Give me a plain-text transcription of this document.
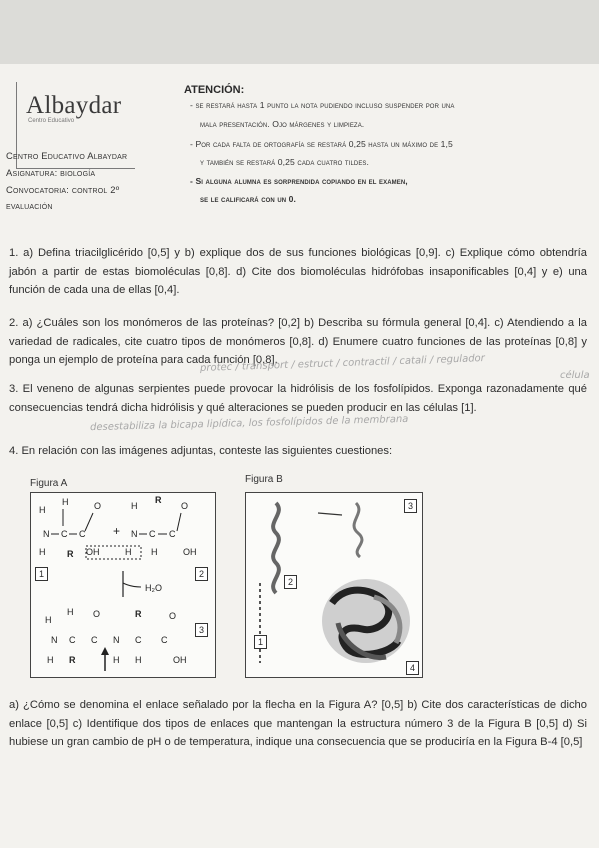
Albaydar
Centro Educativo
Centro Educativo Albaydar
Asignatura: biología
Convocatoria: control 2º
evaluación
ATENCIÓN:
- se restará hasta 1 punto la nota pudiendo incluso suspender por una
mala presentación. Ojo márgenes y limpieza.
- Por cada falta de ortografía se restará 0,25 hasta un máximo de 1,5
y también se restará 0,25 cada cuatro tildes.
- Si alguna alumna es sorprendida copiando en el examen,
se le calificará con un 0.
1. a) Defina triacilglicérido [0,5] y b) explique dos de sus funciones biológicas [0,9]. c) Explique cómo obtendría jabón a partir de estas biomoléculas [0,8]. d) Cite dos biomoléculas hidrófobas insaponificables [0,4] y e) una función de cada una de ellas [0,4].
2. a) ¿Cuáles son los monómeros de las proteínas? [0,2] b) Describa su fórmula general [0,4]. c) Atendiendo a la variedad de radicales, cite cuatro tipos de monómeros [0,8]. d) Enumere cuatro funciones de las proteínas [0,8] y ponga un ejemplo de proteína para cada función [0,8].
protec / transport / estruct / contractil / catali / regulador
célula
3. El veneno de algunas serpientes puede provocar la hidrólisis de los fosfolípidos. Exponga razonadamente qué consecuencias tendrá dicha hidrólisis y qué alteraciones se pueden producir en las células [1].
desestabiliza la bicapa lipídica, los fosfolípidos de la membrana
4. En relación con las imágenes adjuntas, conteste las siguientes cuestiones:
Figura A	Figura B
H
H	O
N C C
H R OH
+
H
R
O
N C C
H H	OH
H₂O
H
H O	R	O
N C C N C C
H R	H H	OH
1	2
3
3
2
1
4
a) ¿Cómo se denomina el enlace señalado por la flecha en la Figura A? [0,5] b) Cite dos características de dicho enlace [0,5] c) Identifique dos tipos de enlaces que mantengan la estructura número 3 de la Figura B [0,5] d) Si hubiese un gran cambio de pH o de temperatura, indique una consecuencia que se produciría en la Figura B-4 [0,5]
